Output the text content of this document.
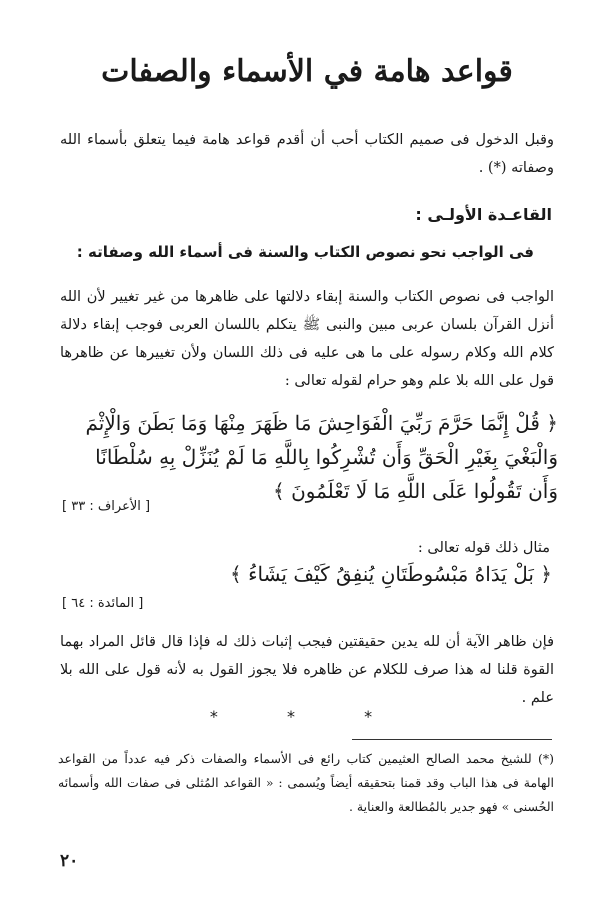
قواعد هامة في الأسماء والصفات
وقبل الدخول فى صميم الكتاب أحب أن أقدم قواعد هامة فيما يتعلق بأسماء الله وصفاته (*) .
القاعـدة الأولـى :
فى الواجب نحو نصوص الكتاب والسنة فى أسماء الله وصفاته :
الواجب فى نصوص الكتاب والسنة إبقاء دلالتها على ظاهرها من غير تغيير لأن الله أنزل القرآن بلسان عربى مبين والنبى ﷺ يتكلم باللسان العربى فوجب إبقاء دلالة كلام الله وكلام رسوله على ما هى عليه فى ذلك اللسان ولأن تغييرها عن ظاهرها قول على الله بلا علم وهو حرام لقوله تعالى :
﴿ قُلْ إِنَّمَا حَرَّمَ رَبِّيَ الْفَوَاحِشَ مَا ظَهَرَ مِنْهَا وَمَا بَطَنَ وَالْإِثْمَ وَالْبَغْيَ بِغَيْرِ الْحَقِّ وَأَن تُشْرِكُوا بِاللَّهِ مَا لَمْ يُنَزِّلْ بِهِ سُلْطَانًا وَأَن تَقُولُوا عَلَى اللَّهِ مَا لَا تَعْلَمُونَ ﴾
[ الأعراف : ٣٣ ]
مثال ذلك قوله تعالى :
﴿ بَلْ يَدَاهُ مَبْسُوطَتَانِ يُنفِقُ كَيْفَ يَشَاءُ ﴾
[ المائدة : ٦٤ ]
فإن ظاهر الآية أن لله يدين حقيقتين فيجب إثبات ذلك له فإذا قال قائل المراد بهما القوة قلنا له هذا صرف للكلام عن ظاهره فلا يجوز القول به لأنه قول على الله بلا علم .
* * *
(*) للشيخ محمد الصالح العثيمين كتاب رائع فى الأسماء والصفات ذكر فيه عدداً من القواعد الهامة فى هذا الباب وقد قمنا بتحقيقه أيضاً ويُسمى : « القواعد المُثلى فى صفات الله وأسمائه الحُسنى » فهو جدير بالمُطالعة والعناية .
٢٠
